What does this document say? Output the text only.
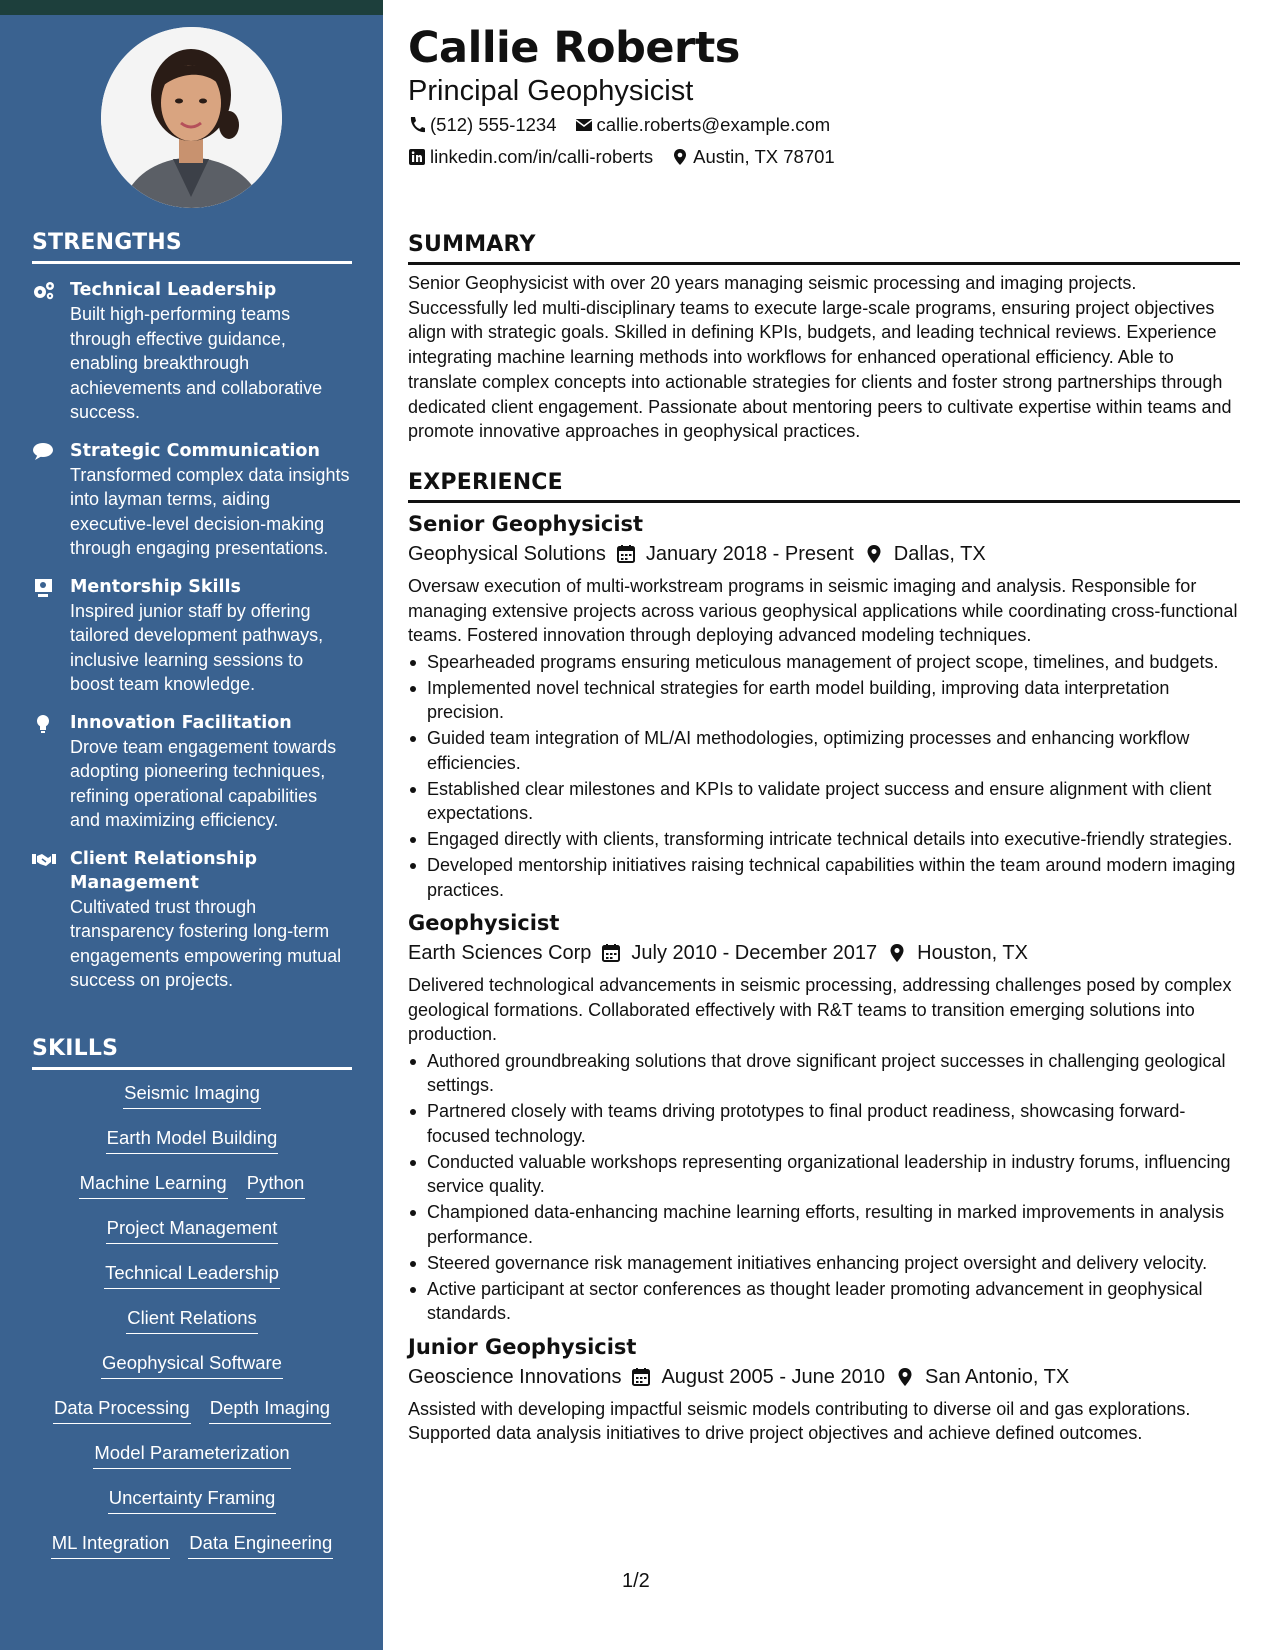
STRENGTHS
Technical Leadership
Built high-performing teams through effective guidance, enabling breakthrough achievements and collaborative success.
Strategic Communication
Transformed complex data insights into layman terms, aiding executive-level decision-making through engaging presentations.
Mentorship Skills
Inspired junior staff by offering tailored development pathways, inclusive learning sessions to boost team knowledge.
Innovation Facilitation
Drove team engagement towards adopting pioneering techniques, refining operational capabilities and maximizing efficiency.
Client Relationship Management
Cultivated trust through transparency fostering long-term engagements empowering mutual success on projects.
SKILLS
Seismic Imaging
Earth Model Building
Machine Learning Python
Project Management
Technical Leadership
Client Relations
Geophysical Software
Data Processing Depth Imaging
Model Parameterization
Uncertainty Framing
ML Integration Data Engineering
Callie Roberts
Principal Geophysicist
(512) 555-1234 callie.roberts@example.com
linkedin.com/in/calli-roberts Austin, TX 78701
SUMMARY

Senior Geophysicist with over 20 years managing seismic processing and imaging projects. Successfully led multi-disciplinary teams to execute large-scale programs, ensuring project objectives align with strategic goals. Skilled in defining KPIs, budgets, and leading technical reviews. Experience integrating machine learning methods into workflows for enhanced operational efficiency. Able to translate complex concepts into actionable strategies for clients and foster strong partnerships through dedicated client engagement. Passionate about mentoring peers to cultivate expertise within teams and promote innovative approaches in geophysical practices.

EXPERIENCE
Senior Geophysicist
Geophysical Solutions January 2018 - Present Dallas, TX

Oversaw execution of multi-workstream programs in seismic imaging and analysis. Responsible for managing extensive projects across various geophysical applications while coordinating cross-functional teams. Fostered innovation through deploying advanced modeling techniques.

Spearheaded programs ensuring meticulous management of project scope, timelines, and budgets.
Implemented novel technical strategies for earth model building, improving data interpretation precision.
Guided team integration of ML/AI methodologies, optimizing processes and enhancing workflow efficiencies.
Established clear milestones and KPIs to validate project success and ensure alignment with client expectations.
Engaged directly with clients, transforming intricate technical details into executive-friendly strategies.
Developed mentorship initiatives raising technical capabilities within the team around modern imaging practices.
Geophysicist
Earth Sciences Corp July 2010 - December 2017 Houston, TX

Delivered technological advancements in seismic processing, addressing challenges posed by complex geological formations. Collaborated effectively with R&T teams to transition emerging solutions into production.

Authored groundbreaking solutions that drove significant project successes in challenging geological settings.
Partnered closely with teams driving prototypes to final product readiness, showcasing forward-focused technology.
Conducted valuable workshops representing organizational leadership in industry forums, influencing service quality.
Championed data-enhancing machine learning efforts, resulting in marked improvements in analysis performance.
Steered governance risk management initiatives enhancing project oversight and delivery velocity.
Active participant at sector conferences as thought leader promoting advancement in geophysical standards.
Junior Geophysicist
Geoscience Innovations August 2005 - June 2010 San Antonio, TX

Assisted with developing impactful seismic models contributing to diverse oil and gas explorations. Supported data analysis initiatives to drive project objectives and achieve defined outcomes.

1/2
